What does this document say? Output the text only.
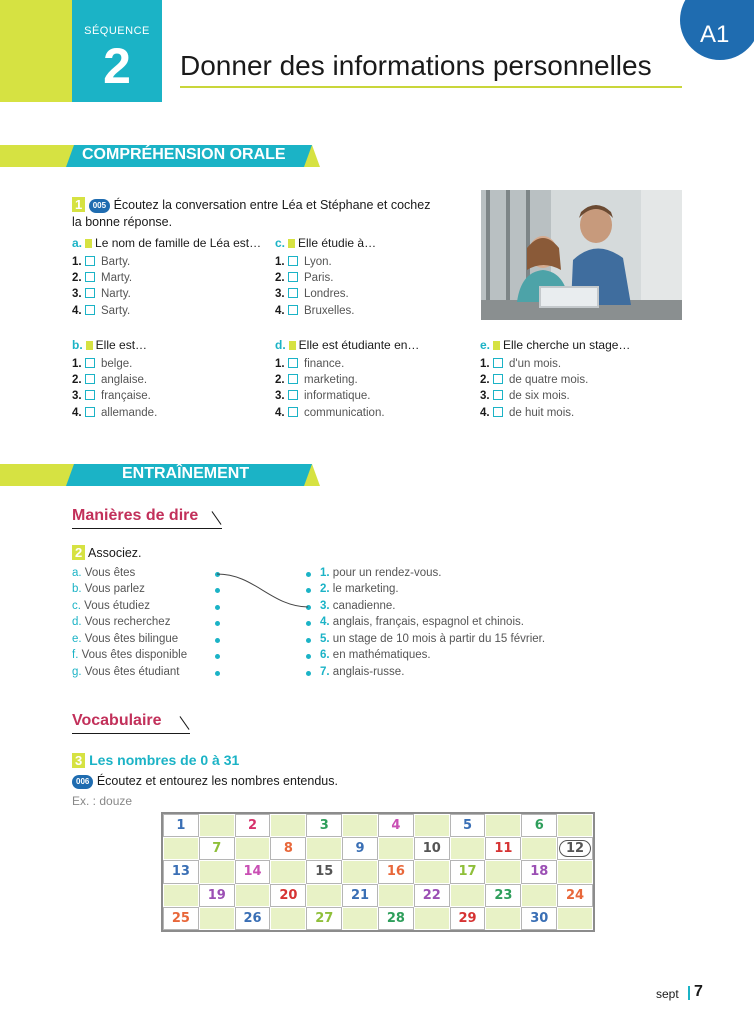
SÉQUENCE
2	Donner des informations personnelles
A1
COMPRÉHENSION ORALE
1 005 Écoutez la conversation entre Léa et Stéphane et cochez
la bonne réponse.
a. Le nom de famille de Léa est… c. Elle étudie à…
b. Elle est…	d. Elle est étudiante en…	e. Elle cherche un stage…
1. Barty.
2. Marty.
3. Narty.
4. Sarty.
1. Lyon.
2. Paris.
3. Londres.
4. Bruxelles.
1. belge.
2. anglaise.
3. française.
4. allemande.
1. finance.
2. marketing.
3. informatique.
4. communication.
1. d'un mois.
2. de quatre mois.
3. de six mois.
4. de huit mois.
ENTRAÎNEMENT
Manières de dire
2 Associez.
a. Vous êtes
b. Vous parlez
c. Vous étudiez
d. Vous recherchez
e. Vous êtes bilingue
f. Vous êtes disponible
g. Vous êtes étudiant
1. pour un rendez-vous.
2. le marketing.
3. canadienne.
4. anglais, français, espagnol et chinois.
5. un stage de 10 mois à partir du 15 février.
6. en mathématiques.
7. anglais-russe.
Vocabulaire
3 Les nombres de 0 à 31
006 Écoutez et entourez les nombres entendus.
Ex. : douze
1	2	3	4	5	6
7	8	9	10	11	12
13	14	15	16	17	18
19	20	21	22	23	24
25	26	27	28	29	30
sept 7
